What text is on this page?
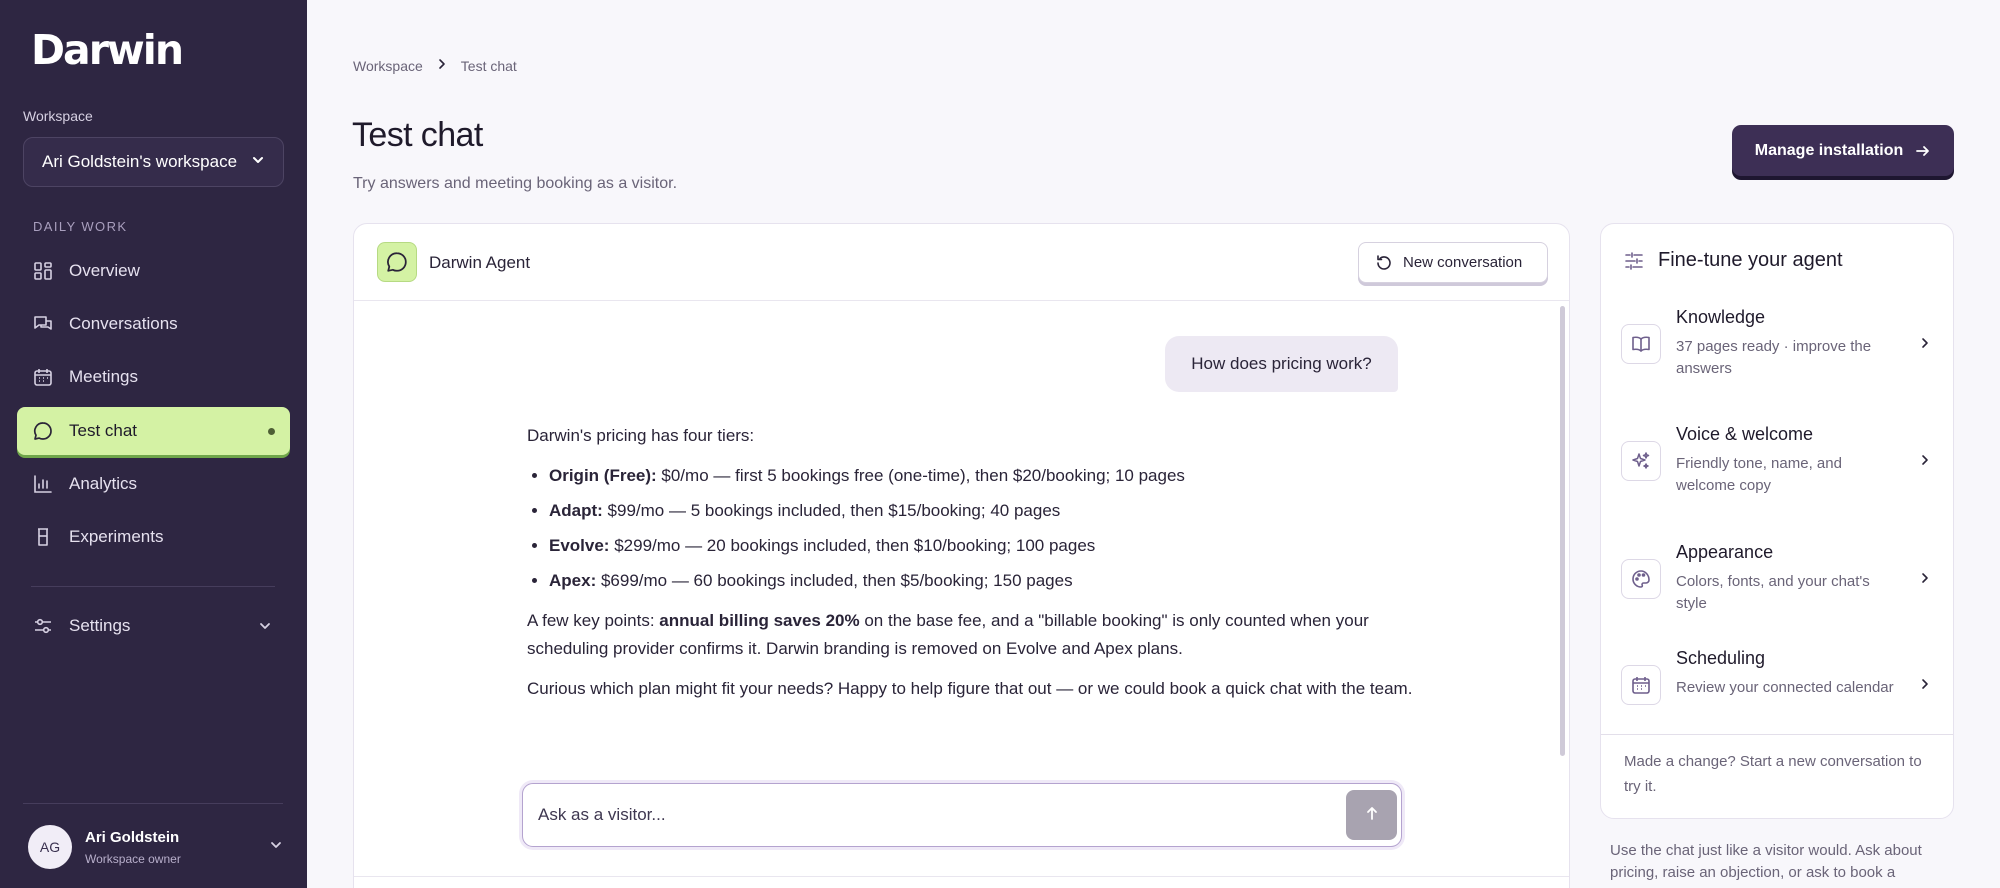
Darwin
Workspace
Ari Goldstein's workspace
DAILY WORK
Overview
Conversations
Meetings
Test chat
Analytics
Experiments
Settings
AG
Ari Goldstein
Workspace owner
Workspace	Test chat
Test chat
Try answers and meeting booking as a visitor.
Manage installation
Darwin Agent	New conversation
How does pricing work?

Darwin's pricing has four tiers:

• Origin (Free): $0/mo — first 5 bookings free (one-time), then $20/booking; 10 pages
• Adapt: $99/mo — 5 bookings included, then $15/booking; 40 pages
• Evolve: $299/mo — 20 bookings included, then $10/booking; 100 pages
• Apex: $699/mo — 60 bookings included, then $5/booking; 150 pages

A few key points: annual billing saves 20% on the base fee, and a "billable booking" is only counted when your scheduling provider confirms it. Darwin branding is removed on Evolve and Apex plans.

Curious which plan might fit your needs? Happy to help figure that out — or we could book a quick chat with the team.

Ask as a visitor...
Fine-tune your agent
Knowledge
37 pages ready · improve the answers
Voice & welcome
Friendly tone, name, and welcome copy
Appearance
Colors, fonts, and your chat's style
Scheduling
Review your connected calendar
Made a change? Start a new conversation to try it.
Use the chat just like a visitor would. Ask about pricing, raise an objection, or ask to book a
